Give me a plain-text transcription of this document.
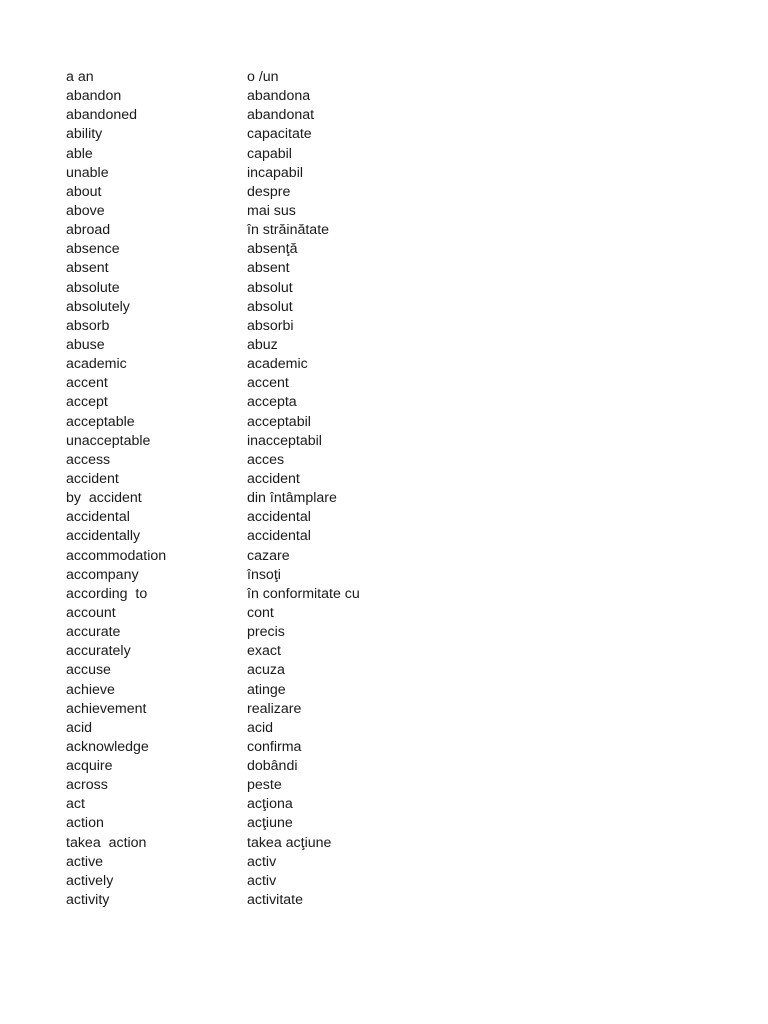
a an	o /un
abandon	abandona
abandoned	abandonat
ability	capacitate
able	capabil
unable	incapabil
about	despre
above	mai sus
abroad	în străinătate
absence	absenţă
absent	absent
absolute	absolut
absolutely	absolut
absorb	absorbi
abuse	abuz
academic	academic
accent	accent
accept	accepta
acceptable	acceptabil
unacceptable	inacceptabil
access	acces
accident	accident
by  accident	din întâmplare
accidental	accidental
accidentally	accidental
accommodation	cazare
accompany	însoţi
according  to	în conformitate cu
account	cont
accurate	precis
accurately	exact
accuse	acuza
achieve	atinge
achievement	realizare
acid	acid
acknowledge	confirma
acquire	dobândi
across	peste
act	acţiona
action	acţiune
takea  action	takea acţiune
active	activ
actively	activ
activity	activitate
